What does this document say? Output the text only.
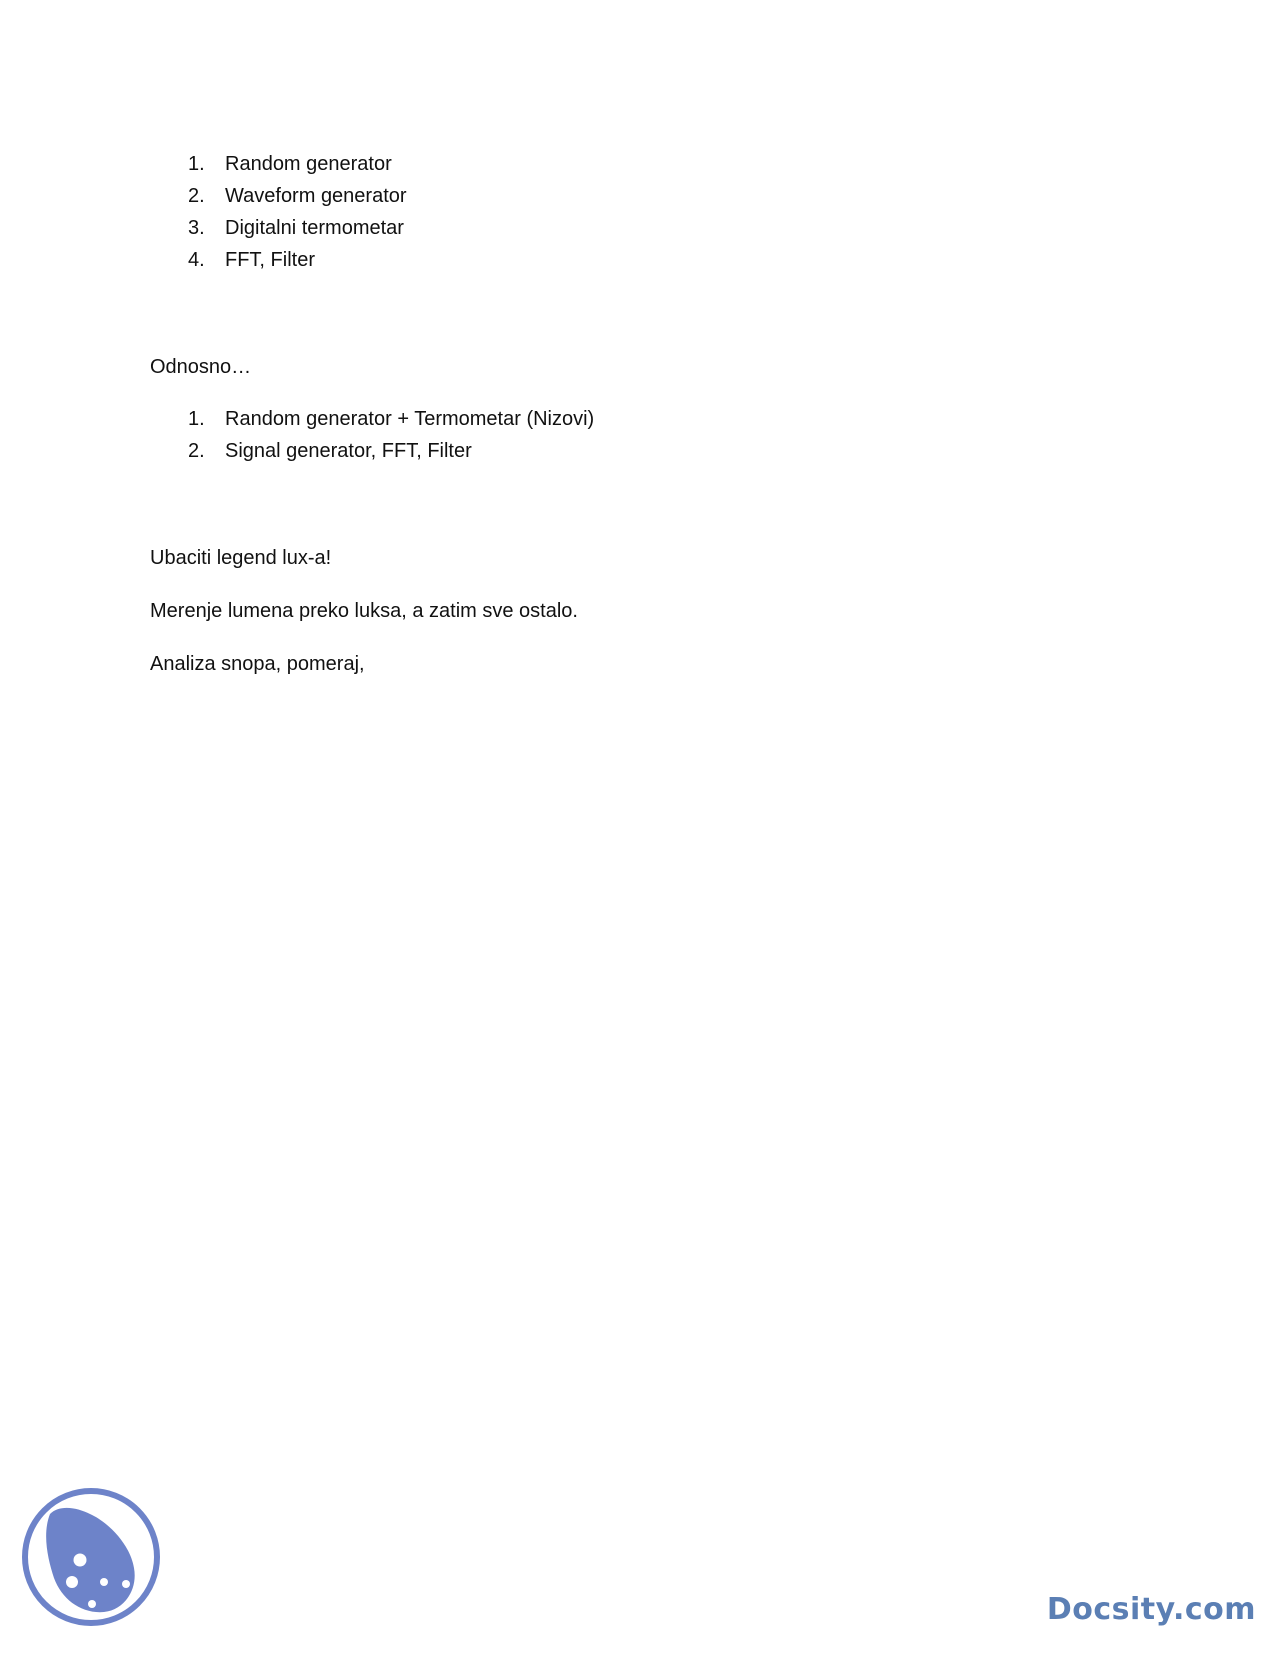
1.	Random generator
2.	Waveform generator
3.	Digitalni termometar
4.	FFT, Filter

Odnosno…

1.	Random generator + Termometar (Nizovi)
2.	Signal generator, FFT, Filter

Ubaciti legend lux-a!

Merenje lumena preko luksa, a zatim sve ostalo.

Analiza snopa, pomeraj,

Docsity.com
